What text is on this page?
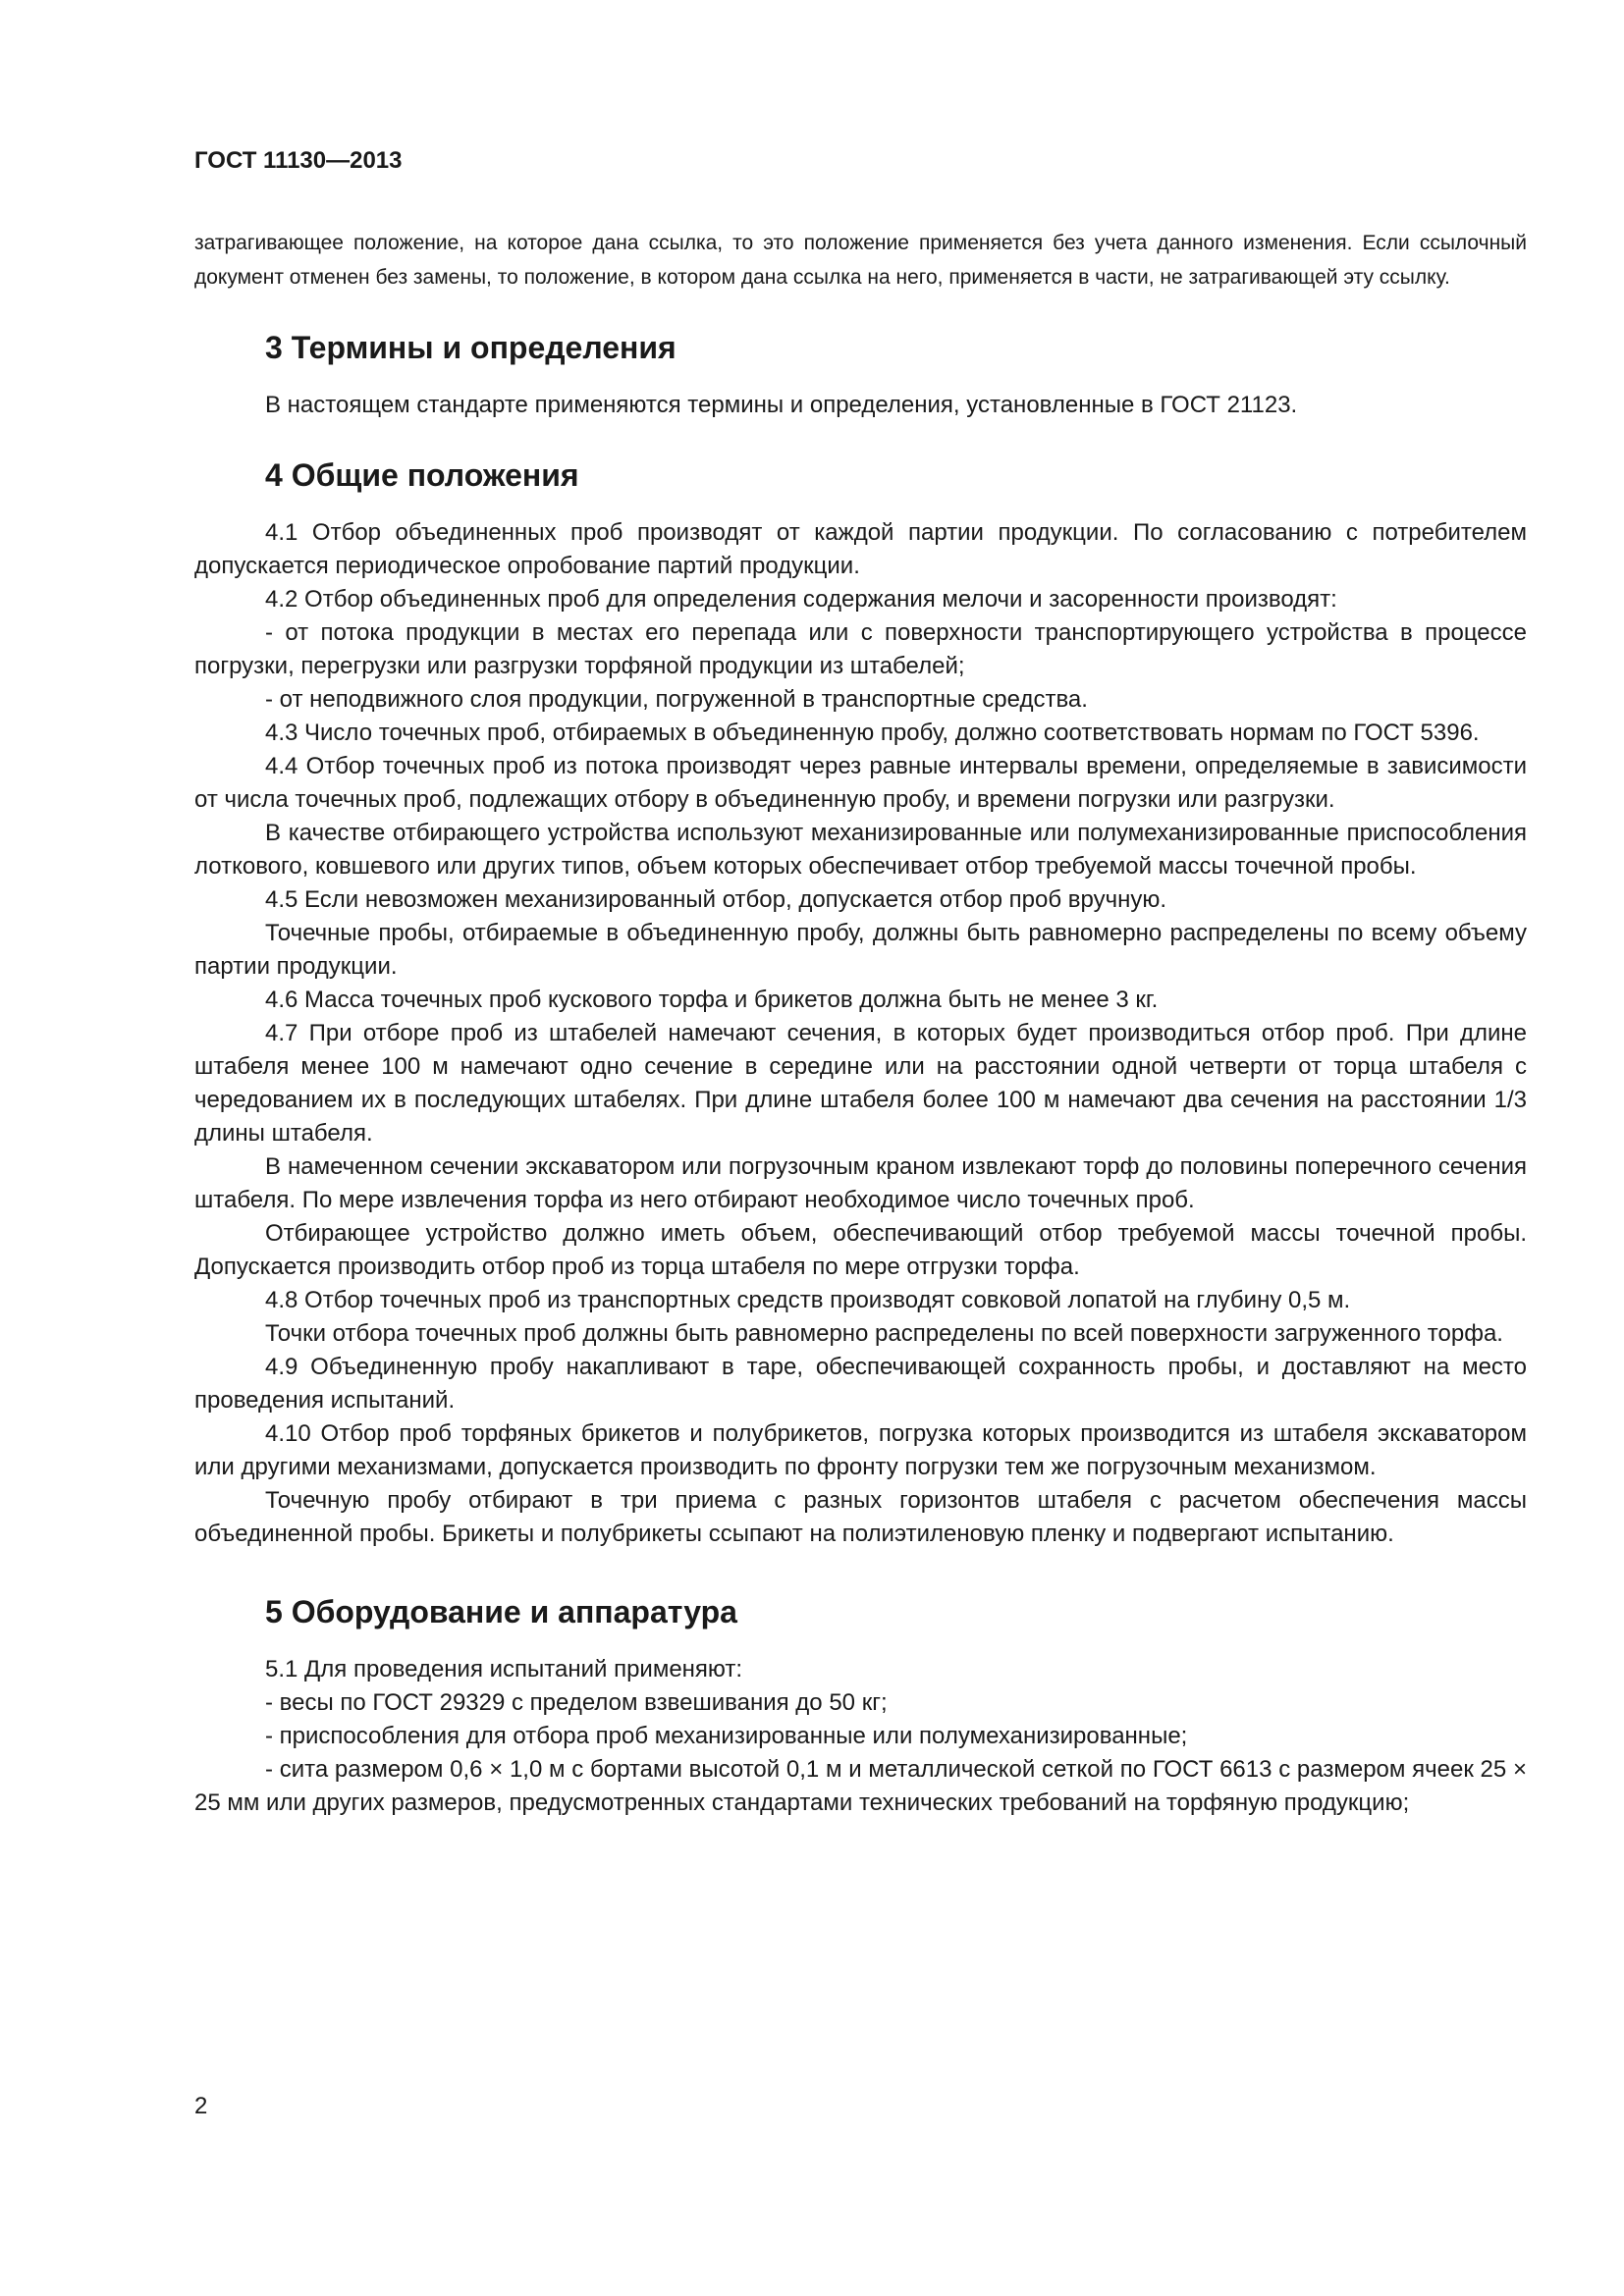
ГОСТ 11130—2013

затрагивающее положение, на которое дана ссылка, то это положение применяется без учета данного изменения. Если ссылочный документ отменен без замены, то положение, в котором дана ссылка на него, применяется в части, не затрагивающей эту ссылку.

3 Термины и определения

В настоящем стандарте применяются термины и определения, установленные в ГОСТ 21123.

4 Общие положения

4.1 Отбор объединенных проб производят от каждой партии продукции. По согласованию с потребителем допускается периодическое опробование партий продукции.

4.2 Отбор объединенных проб для определения содержания мелочи и засоренности производят:

- от потока продукции в местах его перепада или с поверхности транспортирующего устройства в процессе погрузки, перегрузки или разгрузки торфяной продукции из штабелей;

- от неподвижного слоя продукции, погруженной в транспортные средства.

4.3 Число точечных проб, отбираемых в объединенную пробу, должно соответствовать нормам по ГОСТ 5396.

4.4 Отбор точечных проб из потока производят через равные интервалы времени, определяемые в зависимости от числа точечных проб, подлежащих отбору в объединенную пробу, и времени погрузки или разгрузки.

В качестве отбирающего устройства используют механизированные или полумеханизированные приспособления лоткового, ковшевого или других типов, объем которых обеспечивает отбор требуемой массы точечной пробы.

4.5 Если невозможен механизированный отбор, допускается отбор проб вручную.

Точечные пробы, отбираемые в объединенную пробу, должны быть равномерно распределены по всему объему партии продукции.

4.6 Масса точечных проб кускового торфа и брикетов должна быть не менее 3 кг.

4.7 При отборе проб из штабелей намечают сечения, в которых будет производиться отбор проб. При длине штабеля менее 100 м намечают одно сечение в середине или на расстоянии одной четверти от торца штабеля с чередованием их в последующих штабелях. При длине штабеля более 100 м намечают два сечения на расстоянии 1/3 длины штабеля.

В намеченном сечении экскаватором или погрузочным краном извлекают торф до половины поперечного сечения штабеля. По мере извлечения торфа из него отбирают необходимое число точечных проб.

Отбирающее устройство должно иметь объем, обеспечивающий отбор требуемой массы точечной пробы. Допускается производить отбор проб из торца штабеля по мере отгрузки торфа.

4.8 Отбор точечных проб из транспортных средств производят совковой лопатой на глубину 0,5 м.

Точки отбора точечных проб должны быть равномерно распределены по всей поверхности загруженного торфа.

4.9 Объединенную пробу накапливают в таре, обеспечивающей сохранность пробы, и доставляют на место проведения испытаний.

4.10 Отбор проб торфяных брикетов и полубрикетов, погрузка которых производится из штабеля экскаватором или другими механизмами, допускается производить по фронту погрузки тем же погрузочным механизмом.

Точечную пробу отбирают в три приема с разных горизонтов штабеля с расчетом обеспечения массы объединенной пробы. Брикеты и полубрикеты ссыпают на полиэтиленовую пленку и подвергают испытанию.

5 Оборудование и аппаратура

5.1 Для проведения испытаний применяют:

- весы по ГОСТ 29329 с пределом взвешивания до 50 кг;

- приспособления для отбора проб механизированные или полумеханизированные;

- сита размером 0,6 × 1,0 м с бортами высотой 0,1 м и металлической сеткой по ГОСТ 6613 с размером ячеек 25 × 25 мм или других размеров, предусмотренных стандартами технических требований на торфяную продукцию;

2
